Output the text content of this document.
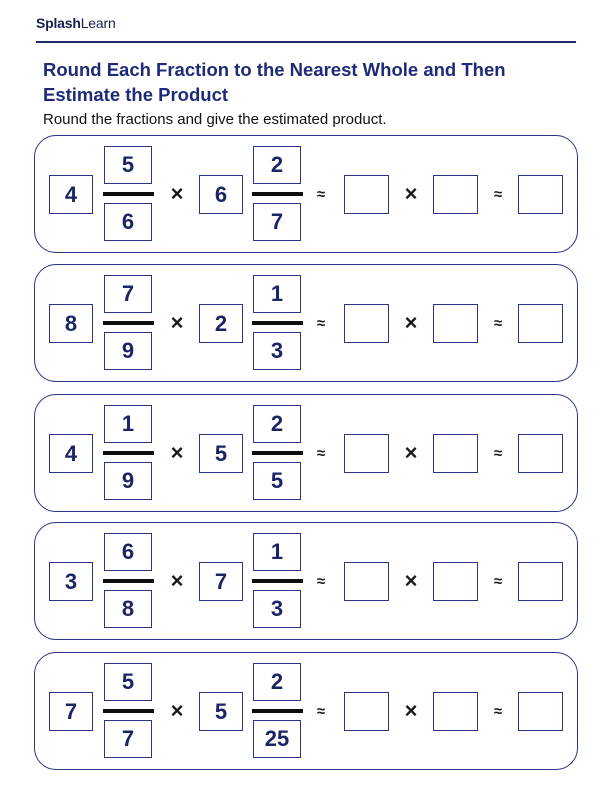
SplashLearn
Round Each Fraction to the Nearest Whole and Then Estimate the Product
Round the fractions and give the estimated product.
4
5
6
×	6
2
7
≈	×	≈
8
7
9
×	2
1
3
≈	×	≈
4
1
9
×	5
2
5
≈	×	≈
3
6
8
×	7
1
3
≈	×	≈
7
5
7
×	5
2
25
≈	×	≈
